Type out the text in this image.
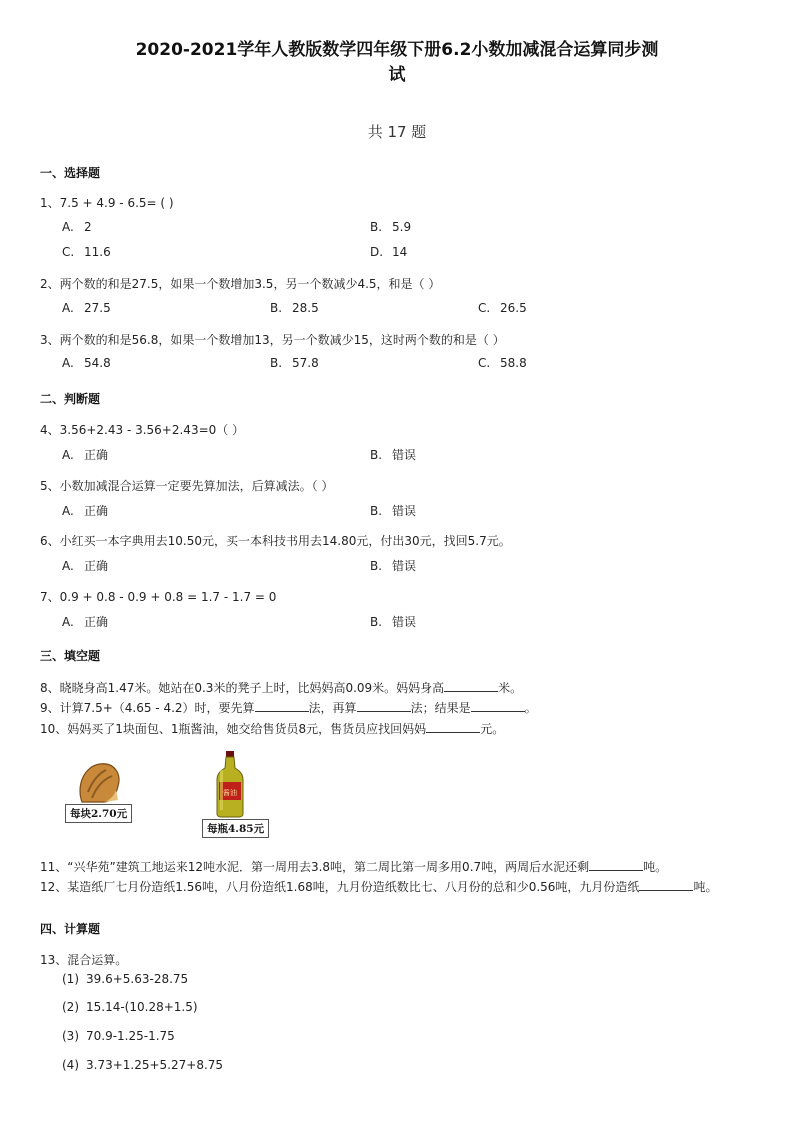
2020-2021学年人教版数学四年级下册6.2小数加减混合运算同步测
试
共 17 题
一、选择题
1、7.5 + 4.9 - 6.5= ( )
A. 2	B. 5.9
C. 11.6	D. 14
2、两个数的和是27.5，如果一个数增加3.5，另一个数减少4.5，和是（ ）
A. 27.5	B. 28.5	C. 26.5
3、两个数的和是56.8，如果一个数增加13，另一个数减少15，这时两个数的和是（ ）
A. 54.8	B. 57.8	C. 58.8
二、判断题
4、3.56+2.43 - 3.56+2.43=0（ ）
A. 正确	B. 错误
5、小数加减混合运算一定要先算加法，后算减法。（ ）
A. 正确	B. 错误
6、小红买一本字典用去10.50元，买一本科技书用去14.80元，付出30元，找回5.7元。
A. 正确	B. 错误
7、0.9 + 0.8 - 0.9 + 0.8 = 1.7 - 1.7 = 0
A. 正确	B. 错误
三、填空题
8、晓晓身高1.47米。她站在0.3米的凳子上时，比妈妈高0.09米。妈妈身高	米。
9、计算7.5+（4.65 - 4.2）时，要先算	法，再算	法；结果是	。
10、妈妈买了1块面包、1瓶酱油，她交给售货员8元，售货员应找回妈妈	元。
每块2.70元
酱油
每瓶4.85元
11、“兴华苑”建筑工地运来12吨水泥．第一周用去3.8吨，第二周比第一周多用0.7吨，两周后水泥还剩	吨。
12、某造纸厂七月份造纸1.56吨，八月份造纸1.68吨，九月份造纸数比七、八月份的总和少0.56吨，九月份造纸	吨。
四、计算题
13、混合运算。
(1) 39.6+5.63-28.75
(2) 15.14-(10.28+1.5)
(3) 70.9-1.25-1.75
(4) 3.73+1.25+5.27+8.75
